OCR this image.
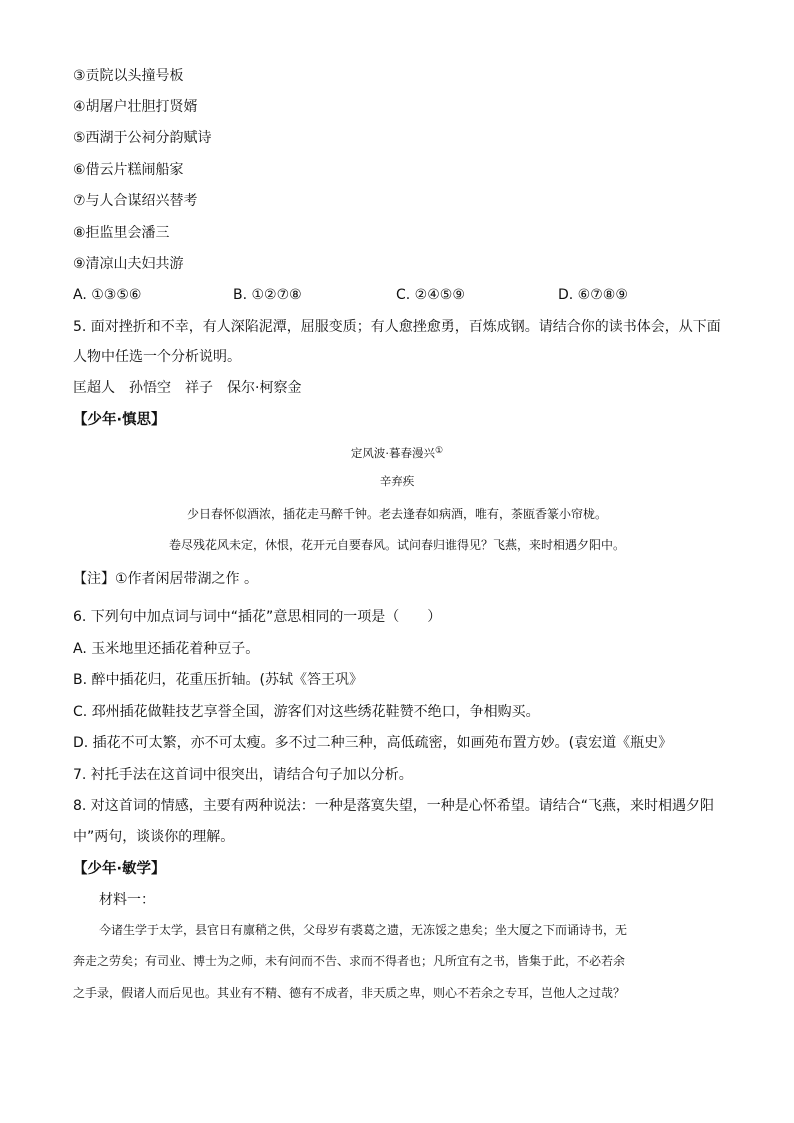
③贡院以头撞号板
④胡屠户壮胆打贤婿
⑤西湖于公祠分韵赋诗
⑥借云片糕闹船家
⑦与人合谋绍兴替考
⑧拒监里会潘三
⑨清凉山夫妇共游
A. ①③⑤⑥	B. ①②⑦⑧	C. ②④⑤⑨	D. ⑥⑦⑧⑨
5. 面对挫折和不幸，有人深陷泥潭，屈服变质；有人愈挫愈勇，百炼成钢。请结合你的读书体会，从下面
人物中任选一个分析说明。
匡超人　孙悟空　祥子　保尔·柯察金
【少年·慎思】
定风波·暮春漫兴①
辛弃疾
少日春怀似酒浓，插花走马醉千钟。老去逢春如病酒，唯有，茶瓯香篆小帘栊。
卷尽残花风未定，休恨，花开元自要春风。试问春归谁得见？飞燕，来时相遇夕阳中。
【注】①作者闲居带湖之作 。
6. 下列句中加点词与词中“插花”意思相同的一项是（　　）
A. 玉米地里还插花着种豆子。
B. 醉中插花归，花重压折轴。(苏轼《答王巩》
C. 邳州插花做鞋技艺享誉全国，游客们对这些绣花鞋赞不绝口，争相购买。
D. 插花不可太繁，亦不可太瘦。多不过二种三种，高低疏密，如画苑布置方妙。(袁宏道《瓶史》
7. 衬托手法在这首词中很突出，请结合句子加以分析。
8. 对这首词的情感，主要有两种说法：一种是落寞失望，一种是心怀希望。请结合“飞燕，来时相遇夕阳
中”两句，谈谈你的理解。
【少年·敏学】
材料一：
今诸生学于太学，县官日有廪稍之供，父母岁有裘葛之遗，无冻馁之患矣；坐大厦之下而诵诗书，无
奔走之劳矣；有司业、博士为之师，未有问而不告、求而不得者也；凡所宜有之书，皆集于此，不必若余
之手录，假诸人而后见也。其业有不精、德有不成者，非天质之卑，则心不若余之专耳，岂他人之过哉？
